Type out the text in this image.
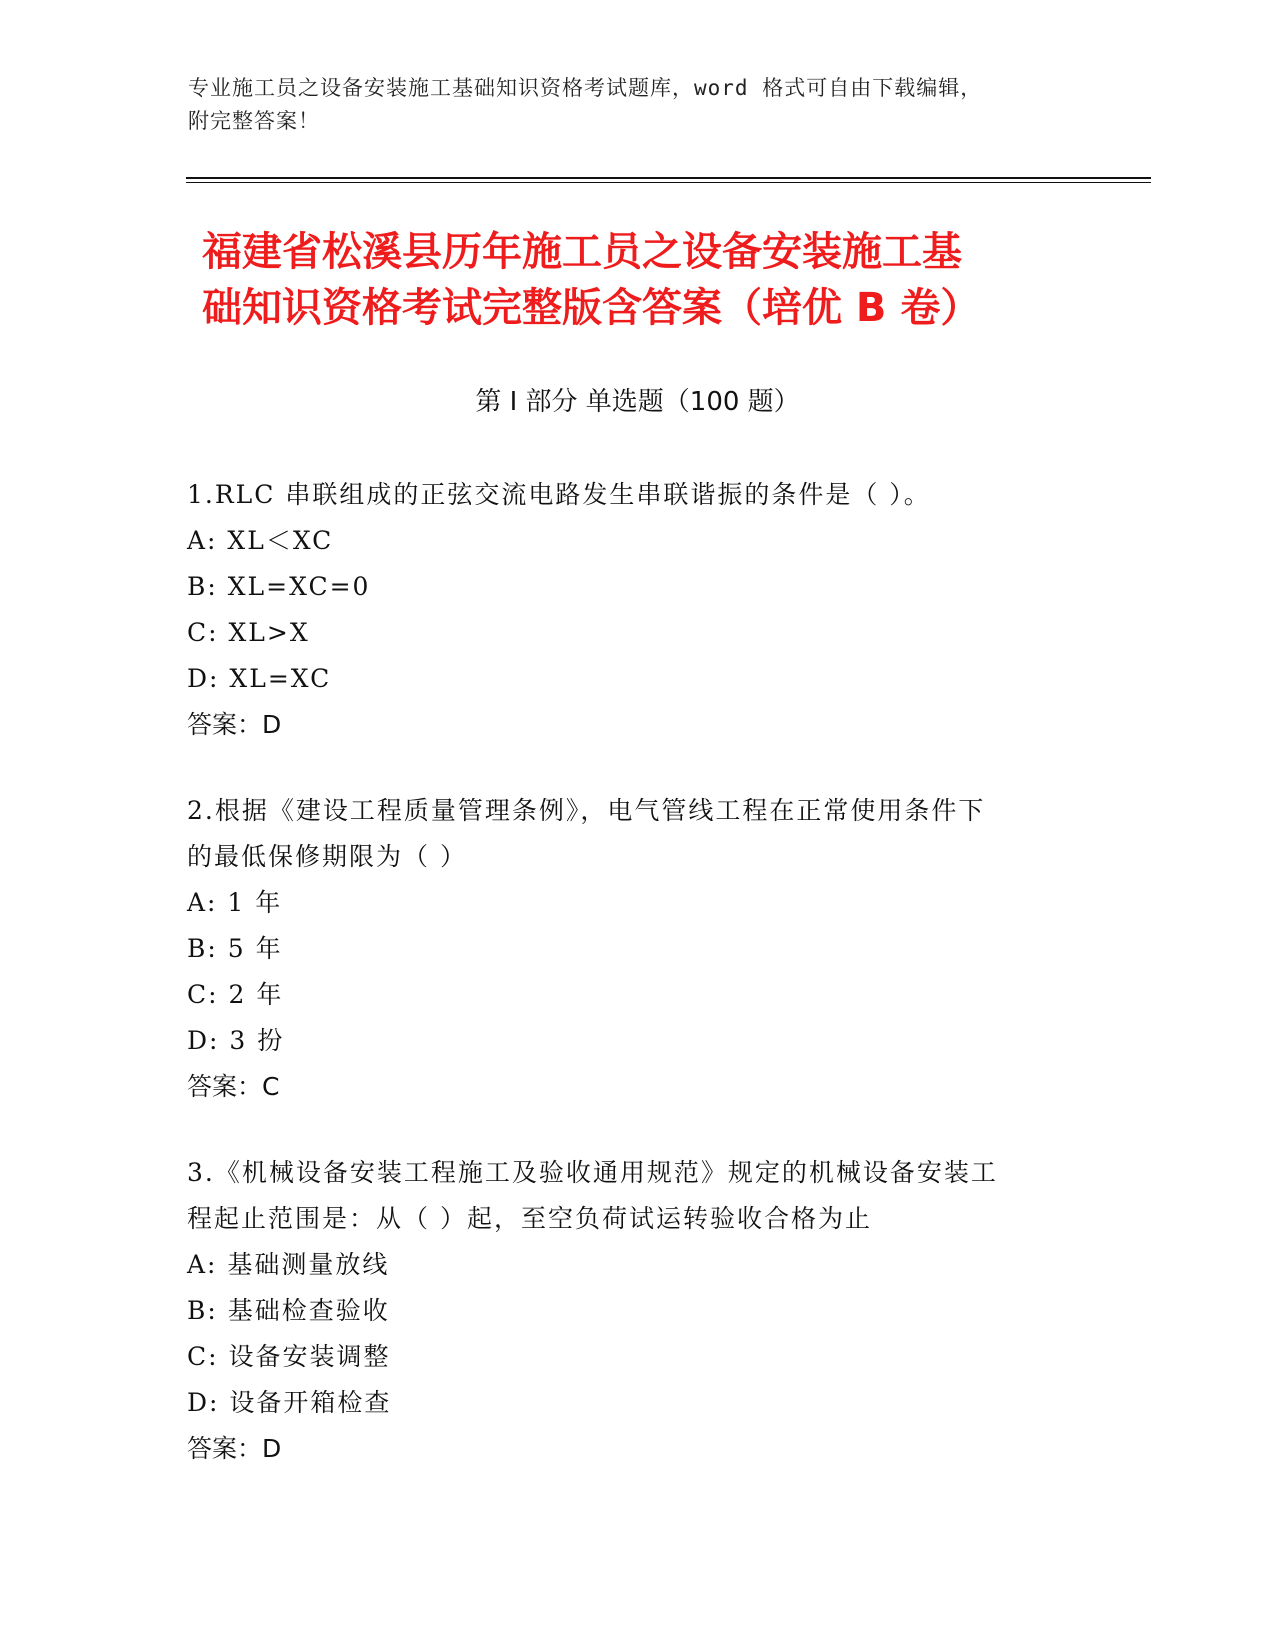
专业施工员之设备安装施工基础知识资格考试题库，word 格式可自由下载编辑，
附完整答案！
福建省松溪县历年施工员之设备安装施工基
础知识资格考试完整版含答案（培优 B 卷）
第 I 部分 单选题（100 题）
1.RLC 串联组成的正弦交流电路发生串联谐振的条件是（ ）。
A: XL＜XC
B: XL=XC=0
C: XL>X
D: XL=XC
答案：D
2.根据《建设工程质量管理条例》，电气管线工程在正常使用条件下
的最低保修期限为（ ）
A: 1 年
B: 5 年
C: 2 年
D: 3 扮
答案：C
3.《机械设备安装工程施工及验收通用规范》规定的机械设备安装工
程起止范围是：从（ ）起，至空负荷试运转验收合格为止
A: 基础测量放线
B: 基础检查验收
C: 设备安装调整
D: 设备开箱检查
答案：D
